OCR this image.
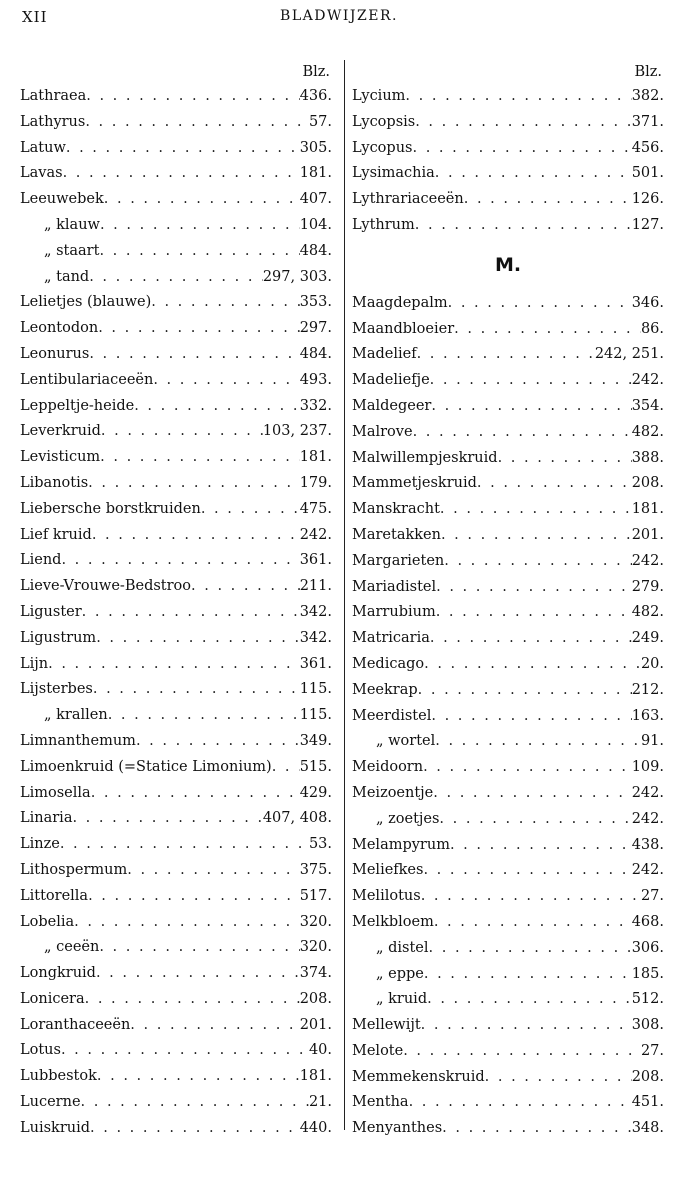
XII	BLADWIJZER.
Blz.
Lathraea . . .	436.
Lathyrus . . .	57.
Latuw . . .	305.
Lavas . . .	181.
Leeuwebek . . .	407.
„ klauw . . .	104.
„ staart . . .	484.
„ tand . . .	297, 303.
Lelietjes (blauwe) . . .	353.
Leontodon . . .	297.
Leonurus . . .	484.
Lentibulariaceeën . . .	493.
Leppeltje-heide . . .	332.
Leverkruid . . .	103, 237.
Levisticum . . .	181.
Libanotis . . .	179.
Liebersche borstkruiden . . .	475.
Lief kruid . . .	242.
Liend . . .	361.
Lieve-Vrouwe-Bedstroo . . .	211.
Liguster . . .	342.
Ligustrum . . .	342.
Lijn . . .	361.
Lijsterbes . . .	115.
„ krallen . . .	115.
Limnanthemum . . .	349.
Limoenkruid (=Statice Limonium) . . . 515.
Limosella . . .	429.
Linaria . . .	407, 408.
Linze . . .	53.
Lithospermum . . .	375.
Littorella . . .	517.
Lobelia . . .	320.
„ ceeën . . .	320.
Longkruid . . .	374.
Lonicera . . .	208.
Loranthaceeën . . .	201.
Lotus . . .	40.
Lubbestok . . .	181.
Lucerne . . .	21.
Luiskruid . . .	440.
Blz.
Lycium . . .	382.
Lycopsis . . .	371.
Lycopus . . .	456.
Lysimachia . . .	501.
Lythrariaceeën . . .	126.
Lythrum . . .	127.
M.
Maagdepalm . . .	346.
Maandbloeier . . .	86.
Madelief . . .	242, 251.
Madeliefje . . .	242.
Maldegeer . . .	354.
Malrove . . .	482.
Malwillempjeskruid . . .	388.
Mammetjeskruid . . .	208.
Manskracht . . .	181.
Maretakken . . .	201.
Margarieten . . .	242.
Mariadistel . . .	279.
Marrubium . . .	482.
Matricaria . . .	249.
Medicago . . .	20.
Meekrap . . .	212.
Meerdistel . . .	163.
„ wortel . . .	91.
Meidoorn . . .	109.
Meizoentje . . .	242.
„ zoetjes . . .	242.
Melampyrum . . .	438.
Meliefkes . . .	242.
Melilotus . . .	27.
Melkbloem . . .	468.
„ distel . . .	306.
„ eppe . . .	185.
„ kruid . . .	512.
Mellewijt . . .	308.
Melote . . .	27.
Memmekenskruid . . .	208.
Mentha . . .	451.
Menyanthes . . .	348.
